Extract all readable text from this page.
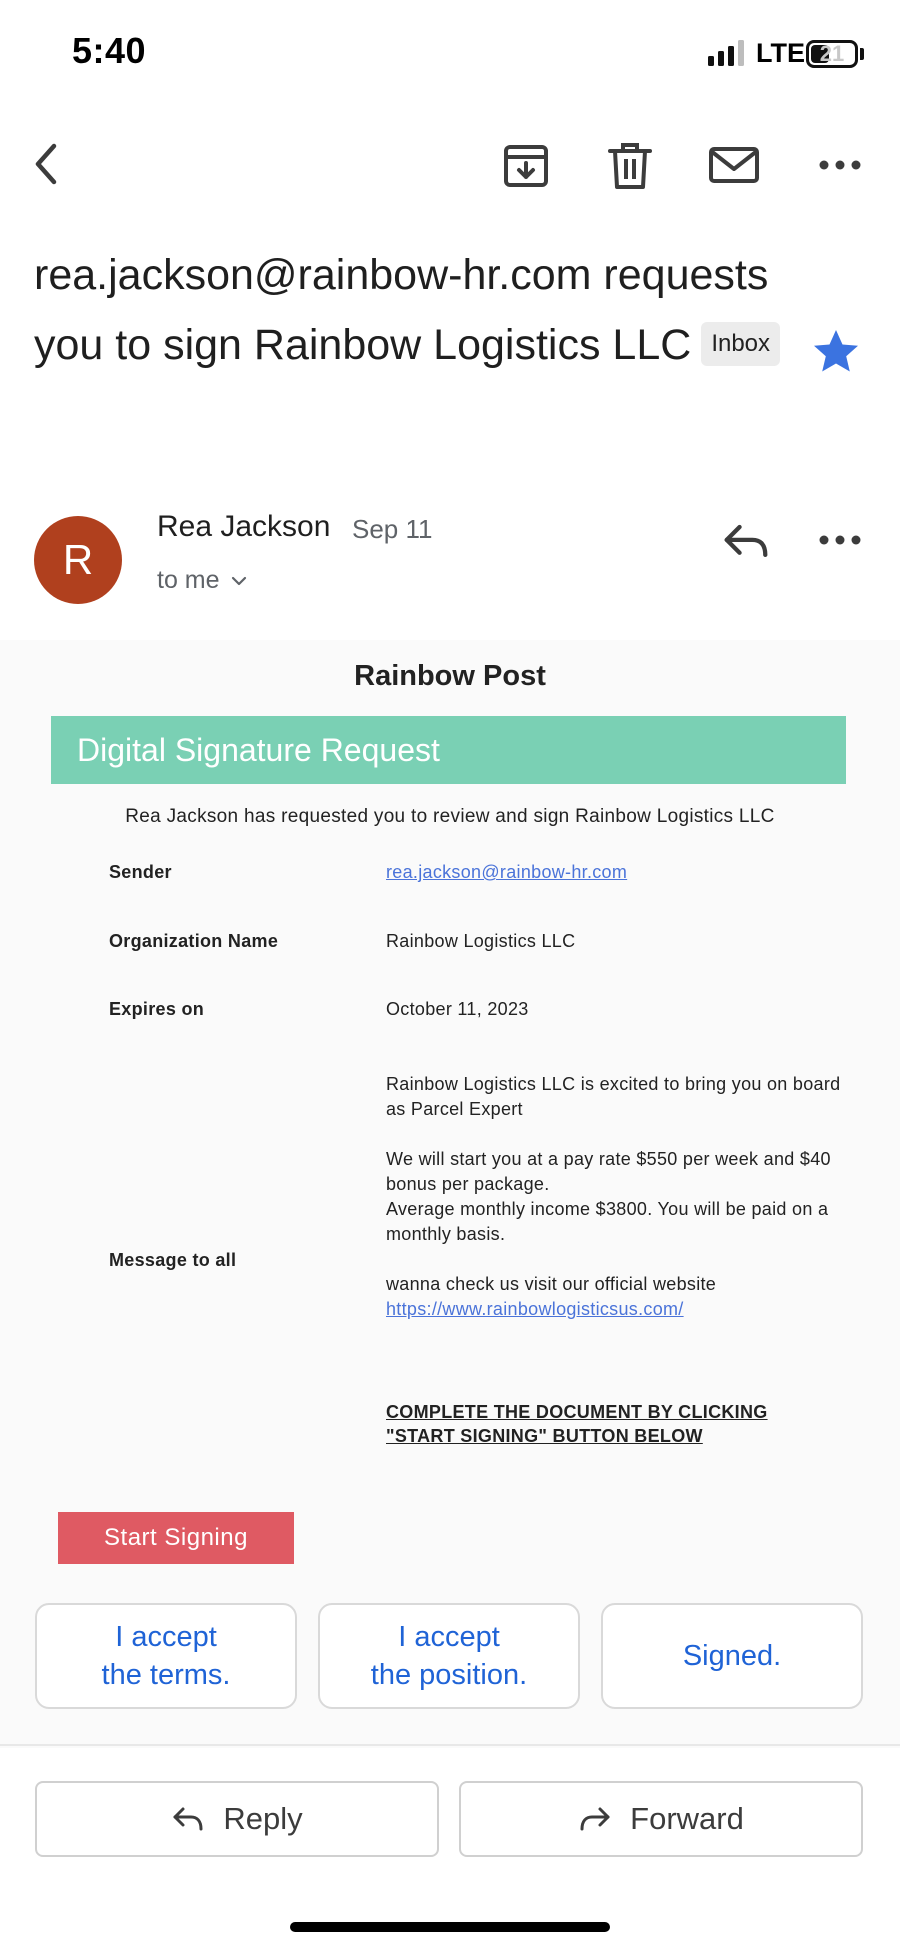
5:40	LTE 21
rea.jackson@rainbow-hr.com requests you to sign Rainbow Logistics LLC Inbox
R
Rea Jackson Sep 11
to me
Rainbow Post
Digital Signature Request
Rea Jackson has requested you to review and sign Rainbow Logistics LLC
Sender	rea.jackson@rainbow-hr.com
Organization Name	Rainbow Logistics LLC
Expires on	October 11, 2023
Message to all

Rainbow Logistics LLC is excited to bring you on board as Parcel Expert

We will start you at a pay rate $550 per week and $40 bonus per package.

Average monthly income $3800. You will be paid on a monthly basis.

wanna check us visit our official website
https://www.rainbowlogisticsus.com/
COMPLETE THE DOCUMENT BY CLICKING "START SIGNING" BUTTON BELOW
Start Signing
I accept
the terms.
I accept
the position.
Signed.
Reply	Forward
